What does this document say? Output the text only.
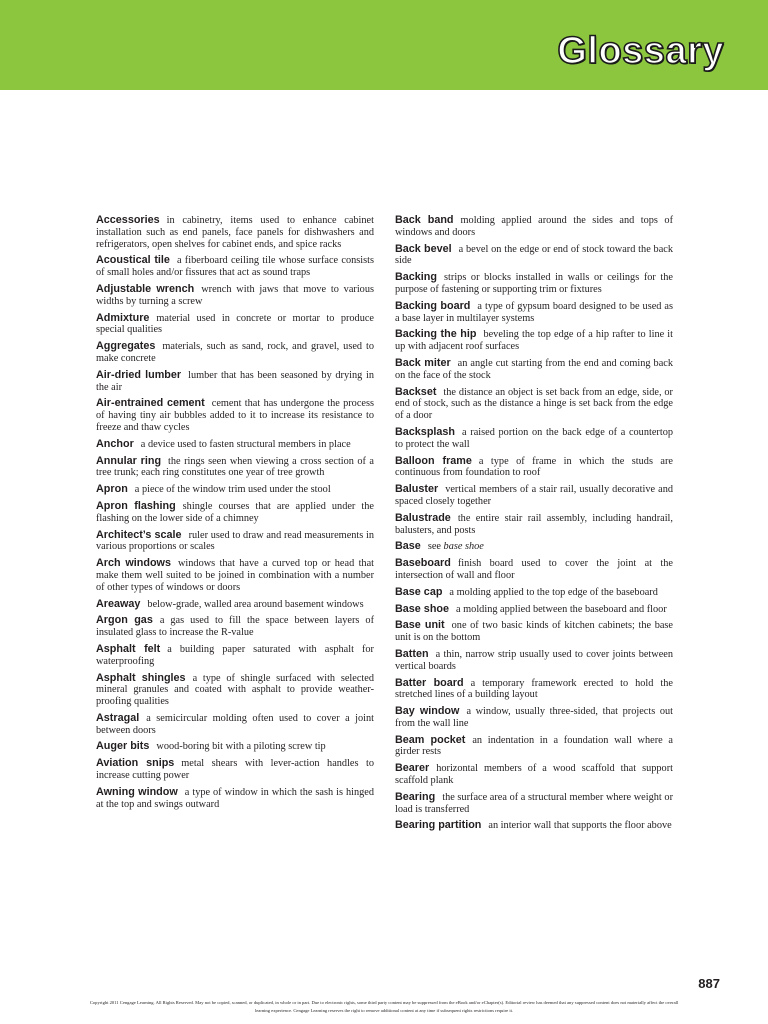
Glossary

Accessories in cabinetry, items used to enhance cabinet installation such as end panels, face panels for dishwashers and refrigerators, open shelves for cabinet ends, and spice racks

Acoustical tile a fiberboard ceiling tile whose surface consists of small holes and/or fissures that act as sound traps

Adjustable wrench wrench with jaws that move to various widths by turning a screw

Admixture material used in concrete or mortar to produce special qualities

Aggregates materials, such as sand, rock, and gravel, used to make concrete

Air-dried lumber lumber that has been seasoned by drying in the air

Air-entrained cement cement that has undergone the process of having tiny air bubbles added to it to increase its resistance to freeze and thaw cycles

Anchor a device used to fasten structural members in place

Annular ring the rings seen when viewing a cross section of a tree trunk; each ring constitutes one year of tree growth

Apron a piece of the window trim used under the stool

Apron flashing shingle courses that are applied under the flashing on the lower side of a chimney

Architect’s scale ruler used to draw and read measurements in various proportions or scales

Arch windows windows that have a curved top or head that make them well suited to be joined in combination with a number of other types of windows or doors

Areaway below-grade, walled area around basement windows

Argon gas a gas used to fill the space between layers of insulated glass to increase the R-value

Asphalt felt a building paper saturated with asphalt for waterproofing

Asphalt shingles a type of shingle surfaced with selected mineral granules and coated with asphalt to provide weather-proofing qualities

Astragal a semicircular molding often used to cover a joint between doors

Auger bits wood-boring bit with a piloting screw tip

Aviation snips metal shears with lever-action handles to increase cutting power

Awning window a type of window in which the sash is hinged at the top and swings outward

Back band molding applied around the sides and tops of windows and doors

Back bevel a bevel on the edge or end of stock toward the back side

Backing strips or blocks installed in walls or ceilings for the purpose of fastening or supporting trim or fixtures

Backing board a type of gypsum board designed to be used as a base layer in multilayer systems

Backing the hip beveling the top edge of a hip rafter to line it up with adjacent roof surfaces

Back miter an angle cut starting from the end and coming back on the face of the stock

Backset the distance an object is set back from an edge, side, or end of stock, such as the distance a hinge is set back from the edge of a door

Backsplash a raised portion on the back edge of a countertop to protect the wall

Balloon frame a type of frame in which the studs are continuous from foundation to roof

Baluster vertical members of a stair rail, usually decorative and spaced closely together

Balustrade the entire stair rail assembly, including handrail, balusters, and posts

Base see base shoe

Baseboard finish board used to cover the joint at the intersection of wall and floor

Base cap a molding applied to the top edge of the baseboard

Base shoe a molding applied between the baseboard and floor

Base unit one of two basic kinds of kitchen cabinets; the base unit is on the bottom

Batten a thin, narrow strip usually used to cover joints between vertical boards

Batter board a temporary framework erected to hold the stretched lines of a building layout

Bay window a window, usually three-sided, that projects out from the wall line

Beam pocket an indentation in a foundation wall where a girder rests

Bearer horizontal members of a wood scaffold that support scaffold plank

Bearing the surface area of a structural member where weight or load is transferred

Bearing partition an interior wall that supports the floor above

887
Copyright 2011 Cengage Learning. All Rights Reserved. May not be copied, scanned, or duplicated, in whole or in part. Due to electronic rights, some third party content may be suppressed from the eBook and/or eChapter(s). Editorial review has deemed that any suppressed content does not materially affect the overall learning experience. Cengage Learning reserves the right to remove additional content at any time if subsequent rights restrictions require it.
